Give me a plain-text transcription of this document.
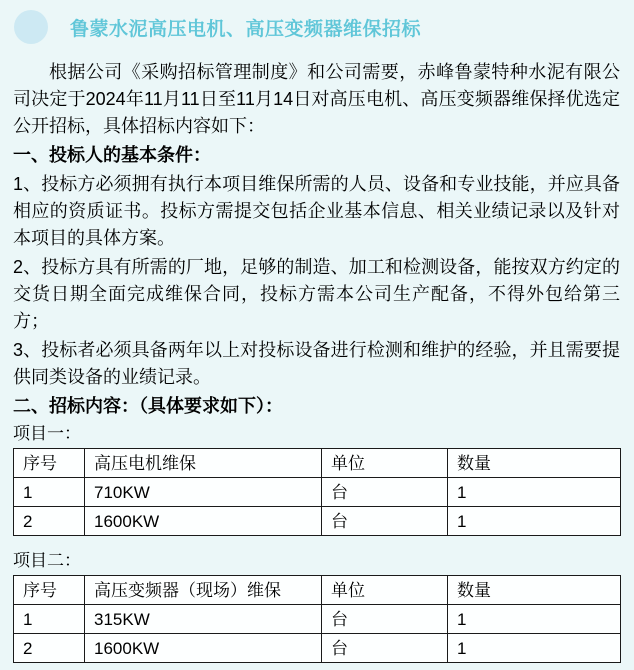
鲁蒙水泥高压电机、高压变频器维保招标

根据公司《采购招标管理制度》和公司需要，赤峰鲁蒙特种水泥有限公司决定于2024年11月11日至11月14日对高压电机、高压变频器维保择优选定公开招标，具体招标内容如下：

一、投标人的基本条件：

1、投标方必须拥有执行本项目维保所需的人员、设备和专业技能，并应具备相应的资质证书。投标方需提交包括企业基本信息、相关业绩记录以及针对本项目的具体方案。

2、投标方具有所需的厂地，足够的制造、加工和检测设备，能按双方约定的交货日期全面完成维保合同，投标方需本公司生产配备，不得外包给第三方；

3、投标者必须具备两年以上对投标设备进行检测和维护的经验，并且需要提供同类设备的业绩记录。

二、招标内容：（具体要求如下）：

项目一：

序号	高压电机维保	单位	数量
1	710KW	台	1
2	1600KW	台	1

项目二：

序号	高压变频器（现场）维保	单位	数量
1	315KW	台	1
2	1600KW	台	1
